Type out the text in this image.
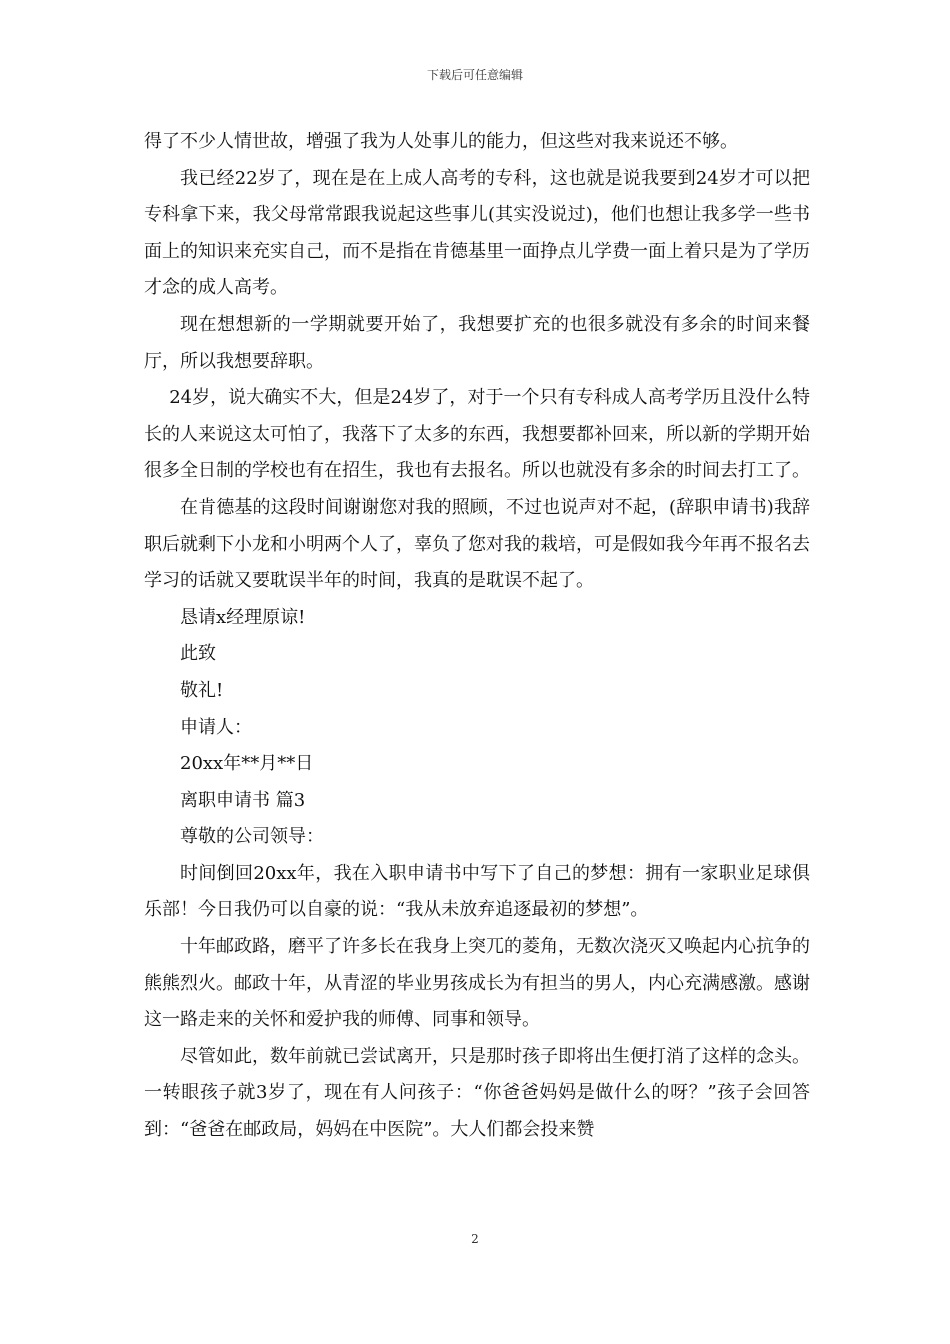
下载后可任意编辑

得了不少人情世故，增强了我为人处事儿的能力，但这些对我来说还不够。

我已经22岁了，现在是在上成人高考的专科，这也就是说我要到24岁才可以把专科拿下来，我父母常常跟我说起这些事儿(其实没说过)，他们也想让我多学一些书面上的知识来充实自己，而不是指在肯德基里一面挣点儿学费一面上着只是为了学历才念的成人高考。

现在想想新的一学期就要开始了，我想要扩充的也很多就没有多余的时间来餐厅，所以我想要辞职。

24岁，说大确实不大，但是24岁了，对于一个只有专科成人高考学历且没什么特长的人来说这太可怕了，我落下了太多的东西，我想要都补回来，所以新的学期开始很多全日制的学校也有在招生，我也有去报名。所以也就没有多余的时间去打工了。

在肯德基的这段时间谢谢您对我的照顾，不过也说声对不起，(辞职申请书)我辞职后就剩下小龙和小明两个人了，辜负了您对我的栽培，可是假如我今年再不报名去学习的话就又要耽误半年的时间，我真的是耽误不起了。

恳请x经理原谅!

此致

敬礼!

申请人：

20xx年**月**日

离职申请书 篇3

尊敬的公司领导：

时间倒回20xx年，我在入职申请书中写下了自己的梦想：拥有一家职业足球俱乐部！今日我仍可以自豪的说：“我从未放弃追逐最初的梦想”。

十年邮政路，磨平了许多长在我身上突兀的菱角，无数次浇灭又唤起内心抗争的熊熊烈火。邮政十年，从青涩的毕业男孩成长为有担当的男人，内心充满感激。感谢这一路走来的关怀和爱护我的师傅、同事和领导。

尽管如此，数年前就已尝试离开，只是那时孩子即将出生便打消了这样的念头。一转眼孩子就3岁了，现在有人问孩子：“你爸爸妈妈是做什么的呀？”孩子会回答到：“爸爸在邮政局，妈妈在中医院”。大人们都会投来赞

2
